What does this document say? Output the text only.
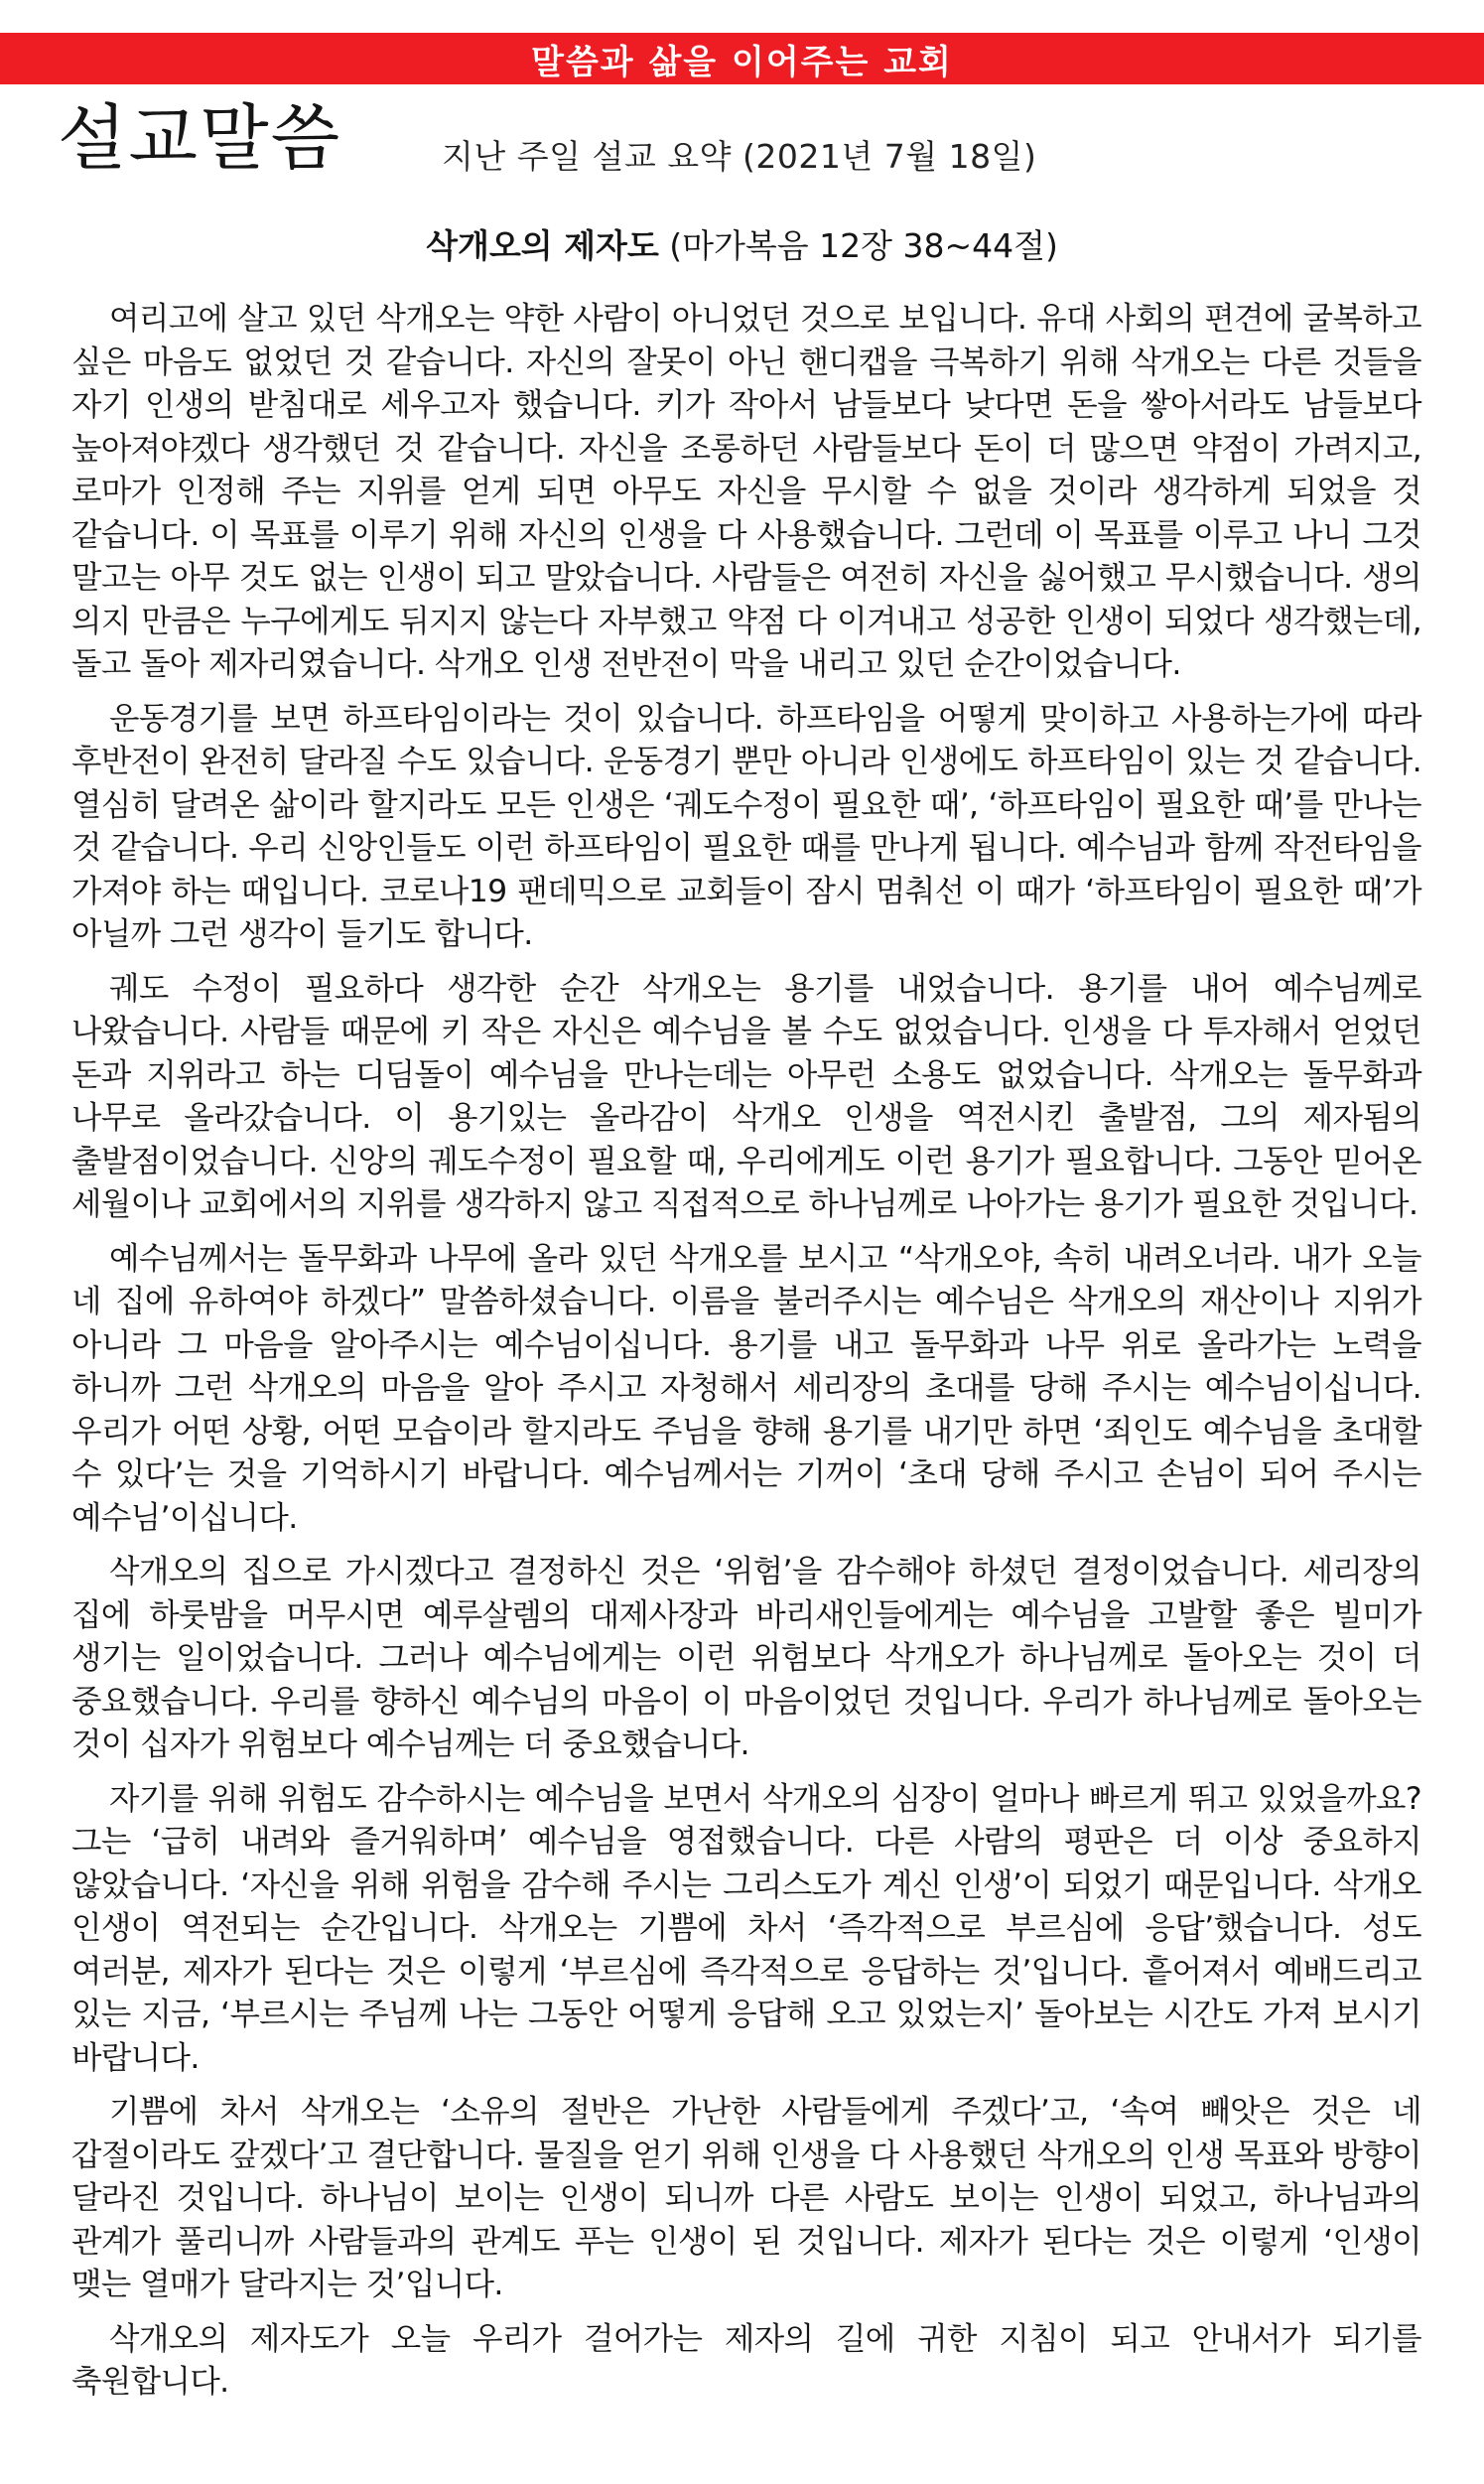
말씀과 삶을 이어주는 교회
설교말씀	지난 주일 설교 요약 (2021년 7월 18일)
삭개오의 제자도 (마가복음 12장 38~44절)

여리고에 살고 있던 삭개오는 약한 사람이 아니었던 것으로 보입니다. 유대 사회의 편견에 굴복하고 싶은 마음도 없었던 것 같습니다. 자신의 잘못이 아닌 핸디캡을 극복하기 위해 삭개오는 다른 것들을 자기 인생의 받침대로 세우고자 했습니다. 키가 작아서 남들보다 낮다면 돈을 쌓아서라도 남들보다 높아져야겠다 생각했던 것 같습니다. 자신을 조롱하던 사람들보다 돈이 더 많으면 약점이 가려지고, 로마가 인정해 주는 지위를 얻게 되면 아무도 자신을 무시할 수 없을 것이라 생각하게 되었을 것 같습니다. 이 목표를 이루기 위해 자신의 인생을 다 사용했습니다. 그런데 이 목표를 이루고 나니 그것 말고는 아무 것도 없는 인생이 되고 말았습니다. 사람들은 여전히 자신을 싫어했고 무시했습니다. 생의 의지 만큼은 누구에게도 뒤지지 않는다 자부했고 약점 다 이겨내고 성공한 인생이 되었다 생각했는데, 돌고 돌아 제자리였습니다. 삭개오 인생 전반전이 막을 내리고 있던 순간이었습니다.

운동경기를 보면 하프타임이라는 것이 있습니다. 하프타임을 어떻게 맞이하고 사용하는가에 따라 후반전이 완전히 달라질 수도 있습니다. 운동경기 뿐만 아니라 인생에도 하프타임이 있는 것 같습니다. 열심히 달려온 삶이라 할지라도 모든 인생은 ‘궤도수정이 필요한 때’, ‘하프타임이 필요한 때’를 만나는 것 같습니다. 우리 신앙인들도 이런 하프타임이 필요한 때를 만나게 됩니다. 예수님과 함께 작전타임을 가져야 하는 때입니다. 코로나19 팬데믹으로 교회들이 잠시 멈춰선 이 때가 ‘하프타임이 필요한 때’가 아닐까 그런 생각이 들기도 합니다.

궤도 수정이 필요하다 생각한 순간 삭개오는 용기를 내었습니다. 용기를 내어 예수님께로 나왔습니다. 사람들 때문에 키 작은 자신은 예수님을 볼 수도 없었습니다. 인생을 다 투자해서 얻었던 돈과 지위라고 하는 디딤돌이 예수님을 만나는데는 아무런 소용도 없었습니다. 삭개오는 돌무화과 나무로 올라갔습니다. 이 용기있는 올라감이 삭개오 인생을 역전시킨 출발점, 그의 제자됨의 출발점이었습니다. 신앙의 궤도수정이 필요할 때, 우리에게도 이런 용기가 필요합니다. 그동안 믿어온 세월이나 교회에서의 지위를 생각하지 않고 직접적으로 하나님께로 나아가는 용기가 필요한 것입니다.

예수님께서는 돌무화과 나무에 올라 있던 삭개오를 보시고 “삭개오야, 속히 내려오너라. 내가 오늘 네 집에 유하여야 하겠다” 말씀하셨습니다. 이름을 불러주시는 예수님은 삭개오의 재산이나 지위가 아니라 그 마음을 알아주시는 예수님이십니다. 용기를 내고 돌무화과 나무 위로 올라가는 노력을 하니까 그런 삭개오의 마음을 알아 주시고 자청해서 세리장의 초대를 당해 주시는 예수님이십니다. 우리가 어떤 상황, 어떤 모습이라 할지라도 주님을 향해 용기를 내기만 하면 ‘죄인도 예수님을 초대할 수 있다’는 것을 기억하시기 바랍니다. 예수님께서는 기꺼이 ‘초대 당해 주시고 손님이 되어 주시는 예수님’이십니다.

삭개오의 집으로 가시겠다고 결정하신 것은 ‘위험’을 감수해야 하셨던 결정이었습니다. 세리장의 집에 하룻밤을 머무시면 예루살렘의 대제사장과 바리새인들에게는 예수님을 고발할 좋은 빌미가 생기는 일이었습니다. 그러나 예수님에게는 이런 위험보다 삭개오가 하나님께로 돌아오는 것이 더 중요했습니다. 우리를 향하신 예수님의 마음이 이 마음이었던 것입니다. 우리가 하나님께로 돌아오는 것이 십자가 위험보다 예수님께는 더 중요했습니다.

자기를 위해 위험도 감수하시는 예수님을 보면서 삭개오의 심장이 얼마나 빠르게 뛰고 있었을까요? 그는 ‘급히 내려와 즐거워하며’ 예수님을 영접했습니다. 다른 사람의 평판은 더 이상 중요하지 않았습니다. ‘자신을 위해 위험을 감수해 주시는 그리스도가 계신 인생’이 되었기 때문입니다. 삭개오 인생이 역전되는 순간입니다. 삭개오는 기쁨에 차서 ‘즉각적으로 부르심에 응답’했습니다. 성도 여러분, 제자가 된다는 것은 이렇게 ‘부르심에 즉각적으로 응답하는 것’입니다. 흩어져서 예배드리고 있는 지금, ‘부르시는 주님께 나는 그동안 어떻게 응답해 오고 있었는지’ 돌아보는 시간도 가져 보시기 바랍니다.

기쁨에 차서 삭개오는 ‘소유의 절반은 가난한 사람들에게 주겠다’고, ‘속여 빼앗은 것은 네 갑절이라도 갚겠다’고 결단합니다. 물질을 얻기 위해 인생을 다 사용했던 삭개오의 인생 목표와 방향이 달라진 것입니다. 하나님이 보이는 인생이 되니까 다른 사람도 보이는 인생이 되었고, 하나님과의 관계가 풀리니까 사람들과의 관계도 푸는 인생이 된 것입니다. 제자가 된다는 것은 이렇게 ‘인생이 맺는 열매가 달라지는 것’입니다.

삭개오의 제자도가 오늘 우리가 걸어가는 제자의 길에 귀한 지침이 되고 안내서가 되기를 축원합니다.
